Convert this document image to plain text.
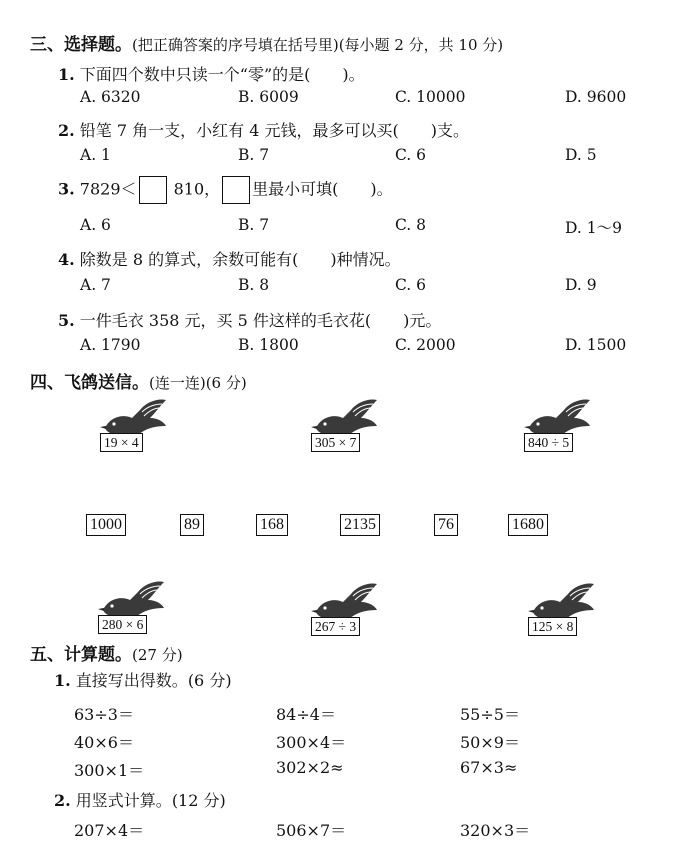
三、选择题。(把正确答案的序号填在括号里)(每小题 2 分，共 10 分)
1. 下面四个数中只读一个“零”的是(　　)。
A. 6320	B. 6009	C. 10000	D. 9600
2. 铅笔 7 角一支，小红有 4 元钱，最多可以买(　　)支。
A. 1	B. 7	C. 6	D. 5
3. 7829＜ 810， 里最小可填(　　)。
A. 6	B. 7	C. 8	D. 1～9
4. 除数是 8 的算式，余数可能有(　　)种情况。
A. 7	B. 8	C. 6	D. 9
5. 一件毛衣 358 元，买 5 件这样的毛衣花(　　)元。
A. 1790	B. 1800	C. 2000	D. 1500
四、飞鸽送信。(连一连)(6 分)
19 × 4	305 × 7	840 ÷ 5
1000	89	168	2135	76	1680
280 × 6	267 ÷ 3	125 × 8
五、计算题。(27 分)
1. 直接写出得数。(6 分)
63÷3＝	84÷4＝	55÷5＝
40×6＝	300×4＝	50×9＝
300×1＝	302×2≈	67×3≈
2. 用竖式计算。(12 分)
207×4＝	506×7＝	320×3＝
